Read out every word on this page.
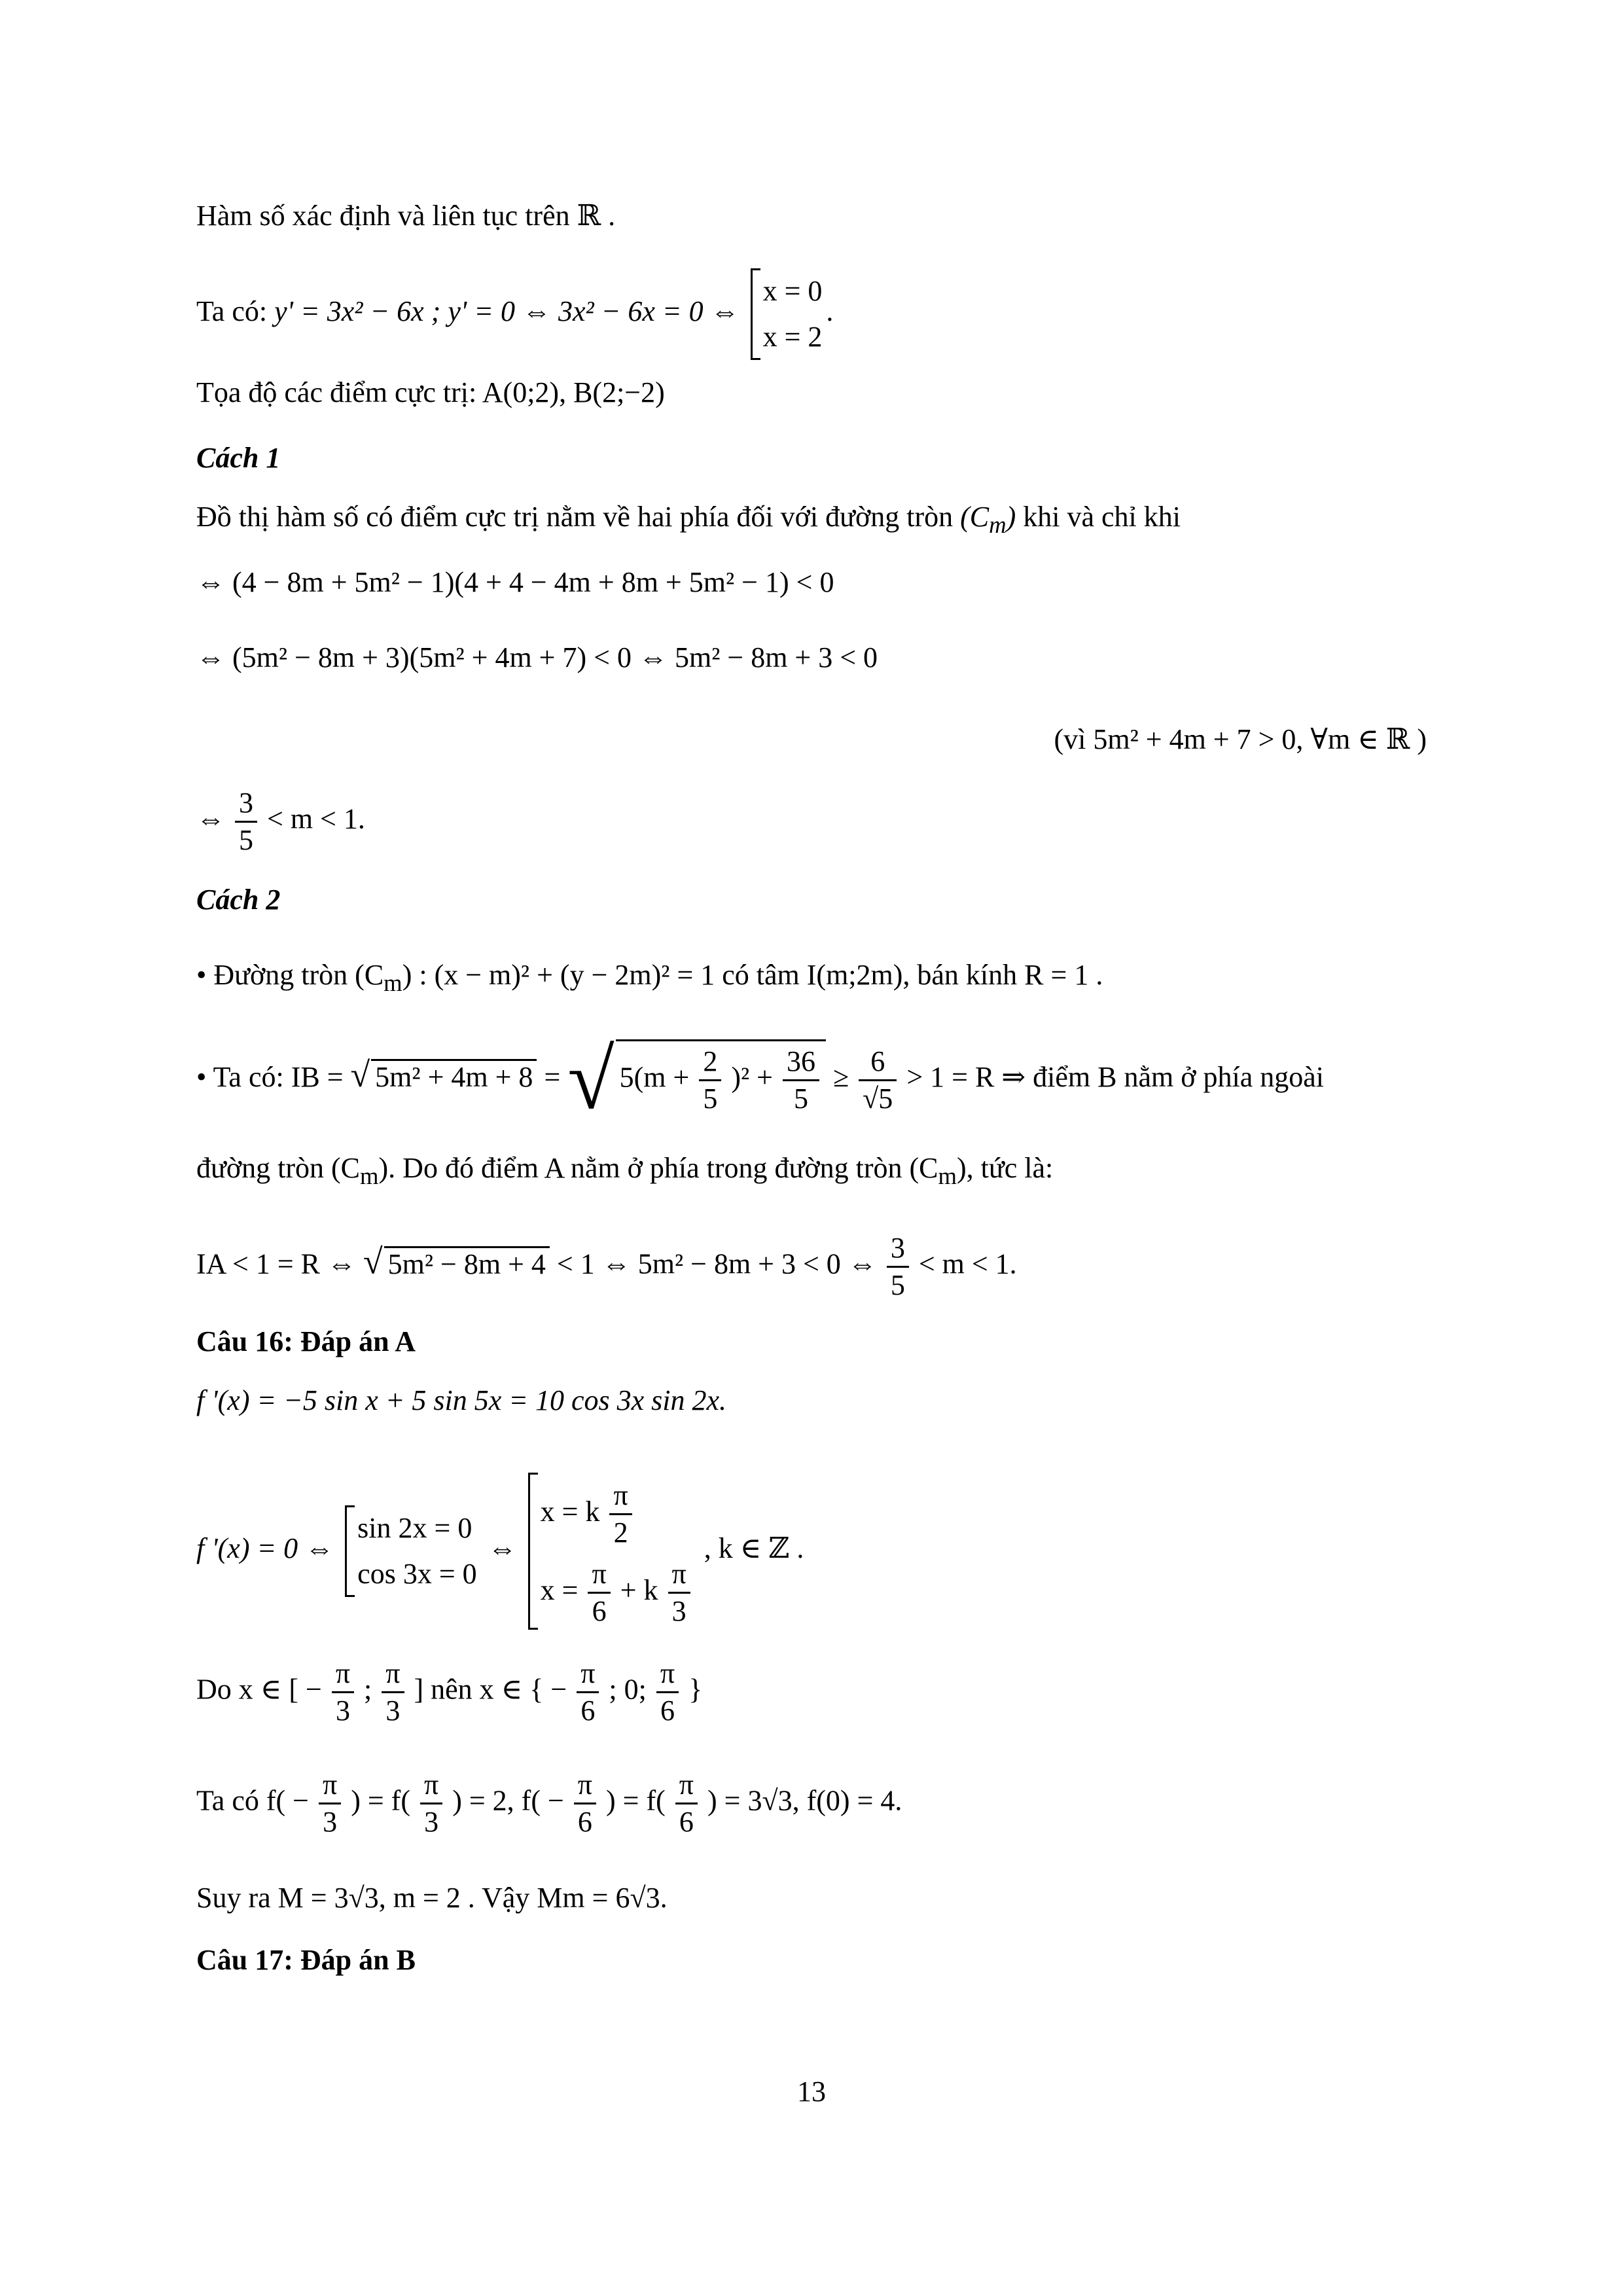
Hàm số xác định và liên tục trên ℝ .
Ta có: y' = 3x² − 6x ; y' = 0 ⇔ 3x² − 6x = 0 ⇔
x = 0
x = 2
.
Tọa độ các điểm cực trị: A(0;2), B(2;−2)
Cách 1
Đồ thị hàm số có điểm cực trị nằm về hai phía đối với đường tròn $(C_m)$ khi và chỉ khi
⇔ (4 − 8m + 5m² − 1)(4 + 4 − 4m + 8m + 5m² − 1) < 0
⇔ (5m² − 8m + 3)(5m² + 4m + 7) < 0 ⇔ 5m² − 8m + 3 < 0
(vì 5m² + 4m + 7 > 0, ∀m ∈ ℝ )
⇔ $\frac{3}{5} < m < 1$.
Cách 2
• Đường tròn $(C_m)$ : (x − m)² + (y − 2m)² = 1 có tâm I(m;2m), bán kính R = 1 .
• Ta có: IB = √ 5m² + 4m + 8 = √ $5(m + \frac{2}{5} )^2 + \frac{36}{5} \ge \frac{6}{√5} > 1 = R$ ⇒ điểm B nằm ở phía ngoài
đường tròn $(C_m)$. Do đó điểm A nằm ở phía trong đường tròn $(C_m)$, tức là:
IA < 1 = R ⇔ √ 5m² − 8m + 4 < 1 ⇔ 5m² − 8m + 3 < 0 ⇔ $\frac{3}{5} < m < 1$.
Câu 16: Đáp án A
f '(x) = −5 sin x + 5 sin 5x = 10 cos 3x sin 2x.
f '(x) = 0 ⇔
sin 2x = 0
cos 3x = 0
⇔
x = k $\frac{\pi}{2}$
$x = \frac{\pi}{6} + k \frac{\pi}{3}$
, k ∈ ℤ .
Do x ∈ [ − $\frac{\pi}{3}$ ; $\frac{\pi}{3}$ ] nên x ∈ { − $\frac{\pi}{6}$ ; 0; $\frac{\pi}{6}$ }
Ta có $f( - \frac{\pi}{3}$ ) = $f( \frac{\pi}{3}$ ) = 2, $f( - \frac{\pi}{6}$ ) = $f( \frac{\pi}{6}$ ) = 3√3, f(0) = 4.
Suy ra M = 3√3, m = 2 . Vậy Mm = 6√3.
Câu 17: Đáp án B
13
